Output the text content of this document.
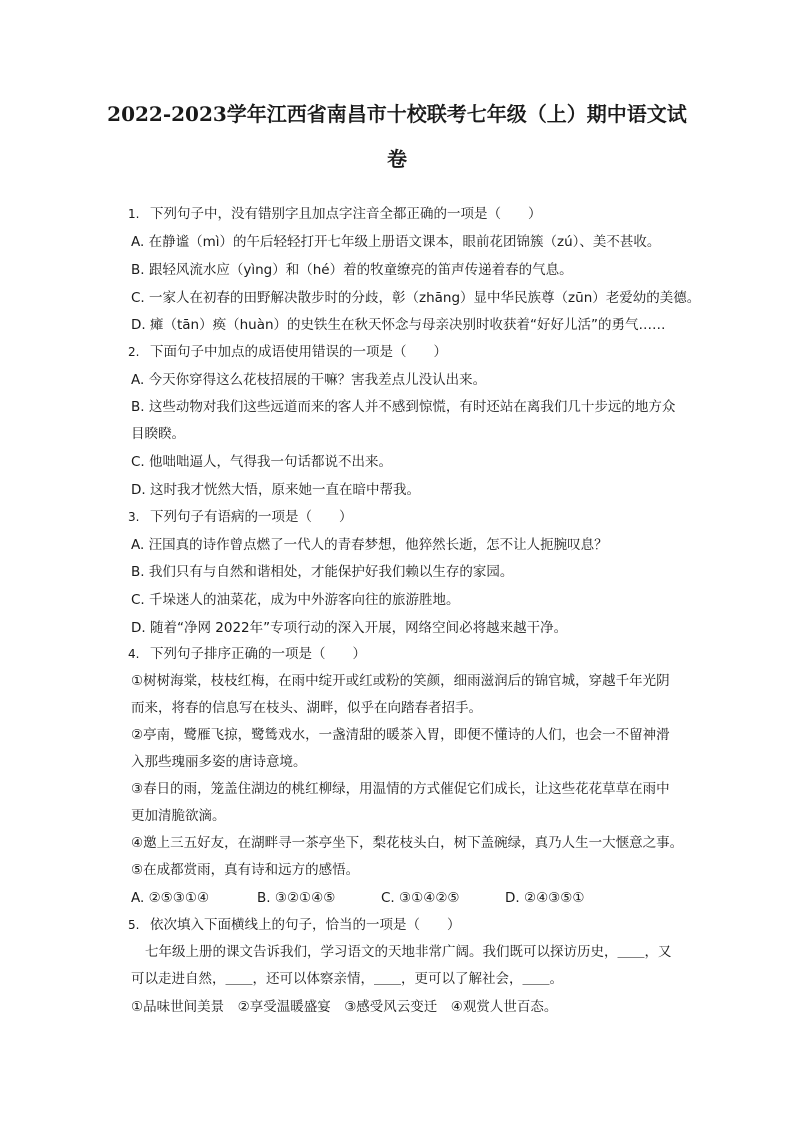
2022-2023学年江西省南昌市十校联考七年级（上）期中语文试
卷
1. 下列句子中，没有错别字且加点字注音全都正确的一项是（　　）
A. 在静谧（mì）的午后轻轻打开七年级上册语文课本，眼前花团锦簇（zú）、美不甚收。
B. 跟轻风流水应（yìng）和（hé）着的牧童缭亮的笛声传递着春的气息。
C. 一家人在初春的田野解决散步时的分歧，彰（zhāng）显中华民族尊（zūn）老爱幼的美德。
D. 瘫（tān）痪（huàn）的史铁生在秋天怀念与母亲决别时收获着“好好儿活”的勇气……
2. 下面句子中加点的成语使用错误的一项是（　　）
A. 今天你穿得这么花枝招展的干嘛？害我差点儿没认出来。
B. 这些动物对我们这些远道而来的客人并不感到惊慌，有时还站在离我们几十步远的地方众
目睽睽。
C. 他咄咄逼人，气得我一句话都说不出来。
D. 这时我才恍然大悟，原来她一直在暗中帮我。
3. 下列句子有语病的一项是（　　）
A. 汪国真的诗作曾点燃了一代人的青春梦想，他猝然长逝，怎不让人扼腕叹息？
B. 我们只有与自然和谐相处，才能保护好我们赖以生存的家园。
C. 千垛迷人的油菜花，成为中外游客向往的旅游胜地。
D. 随着“净网 2022年”专项行动的深入开展，网络空间必将越来越干净。
4. 下列句子排序正确的一项是（　　）
①树树海棠，枝枝红梅，在雨中绽开或红或粉的笑颜，细雨滋润后的锦官城，穿越千年光阴
而来，将春的信息写在枝头、湖畔，似乎在向踏春者招手。
②亭南，鹭雁飞掠，鹭鸶戏水，一盏清甜的暖茶入胃，即便不懂诗的人们，也会一不留神滑
入那些瑰丽多姿的唐诗意境。
③春日的雨，笼盖住湖边的桃红柳绿，用温情的方式催促它们成长，让这些花花草草在雨中
更加清脆欲滴。
④邀上三五好友，在湖畔寻一茶亭坐下，梨花枝头白，树下盖碗绿，真乃人生一大惬意之事。
⑤在成都赏雨，真有诗和远方的感悟。
A. ②⑤③①④	B. ③②①④⑤	C. ③①④②⑤	D. ②④③⑤①
5. 依次填入下面横线上的句子，恰当的一项是（　　）
七年级上册的课文告诉我们，学习语文的天地非常广阔。我们既可以探访历史，＿＿，又
可以走进自然，＿＿，还可以体察亲情，＿＿，更可以了解社会，＿＿。
①品味世间美景　②享受温暖盛宴　③感受风云变迁　④观赏人世百态。
